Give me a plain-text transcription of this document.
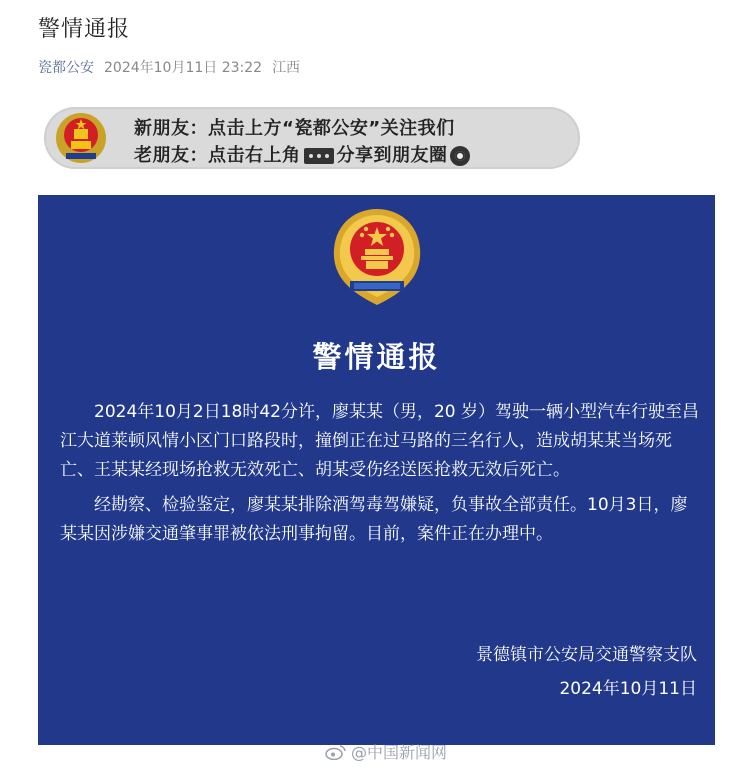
警情通报
瓷都公安 2024年10月11日 23:22 江西
新朋友：点击上方“瓷都公安”关注我们
老朋友：点击右上角 分享到朋友圈
警情通报

2024年10月2日18时42分许，廖某某（男，20 岁）驾驶一辆小型汽车行驶至昌江大道莱顿风情小区门口路段时，撞倒正在过马路的三名行人，造成胡某某当场死亡、王某某经现场抢救无效死亡、胡某受伤经送医抢救无效后死亡。

经勘察、检验鉴定，廖某某排除酒驾毒驾嫌疑，负事故全部责任。10月3日，廖某某因涉嫌交通肇事罪被依法刑事拘留。目前，案件正在办理中。

景德镇市公安局交通警察支队
2024年10月11日
@中国新闻网
